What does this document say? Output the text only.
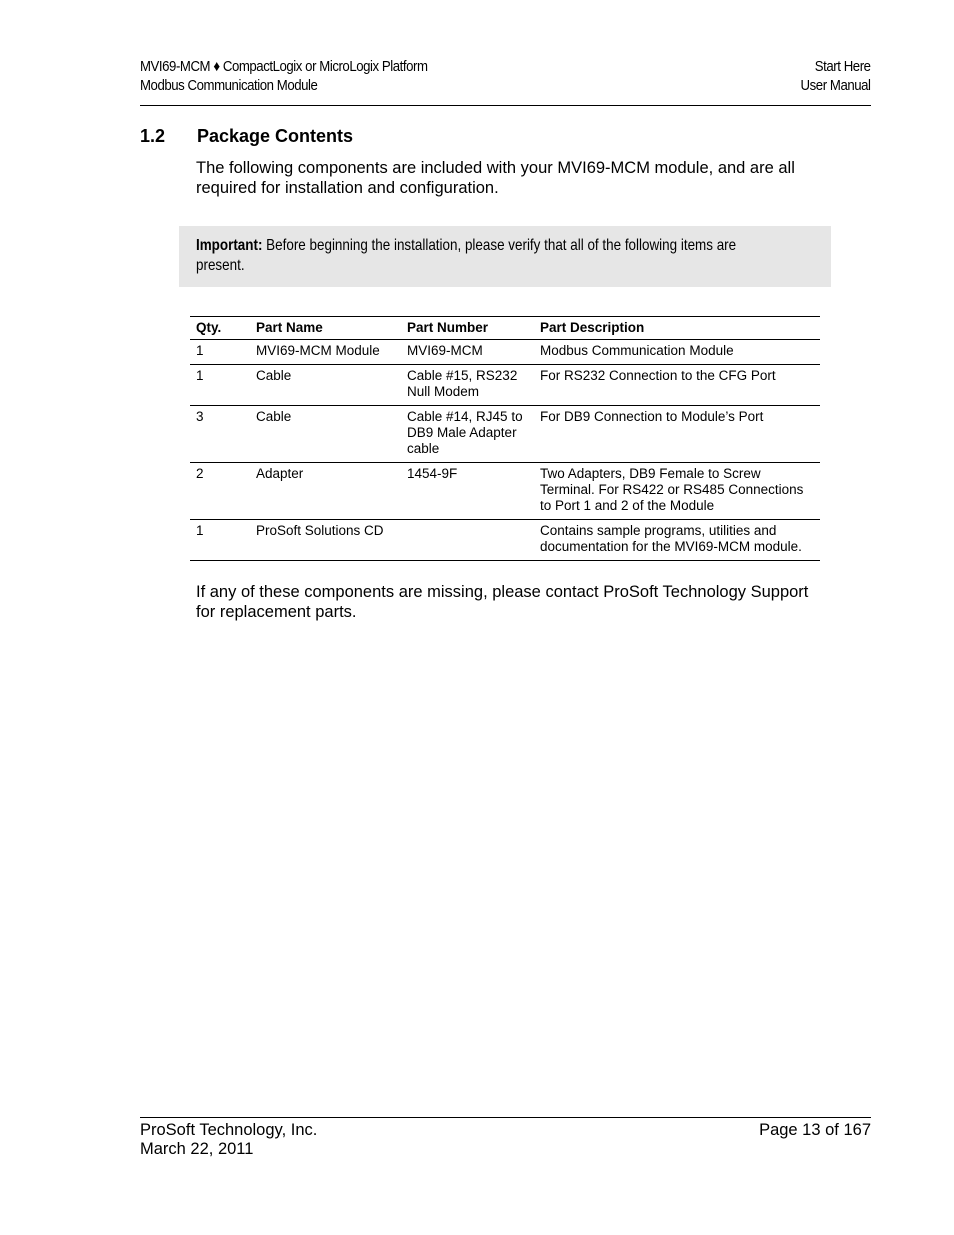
MVI69-MCM ♦ CompactLogix or MicroLogix Platform
Modbus Communication Module
Start Here
User Manual
1.2 Package Contents
The following components are included with your MVI69-MCM module, and are all required for installation and configuration.
Important: Before beginning the installation, please verify that all of the following items are present.
Qty.	Part Name	Part Number	Part Description
1	MVI69-MCM Module	MVI69-MCM	Modbus Communication Module
1	Cable	Cable #15, RS232 Null Modem	For RS232 Connection to the CFG Port
3	Cable	Cable #14, RJ45 to DB9 Male Adapter cable	For DB9 Connection to Module’s Port
2	Adapter	1454-9F	Two Adapters, DB9 Female to Screw Terminal. For RS422 or RS485 Connections to Port 1 and 2 of the Module
1	ProSoft Solutions CD		Contains sample programs, utilities and documentation for the MVI69-MCM module.
If any of these components are missing, please contact ProSoft Technology Support for replacement parts.
ProSoft Technology, Inc.
March 22, 2011
Page 13 of 167
